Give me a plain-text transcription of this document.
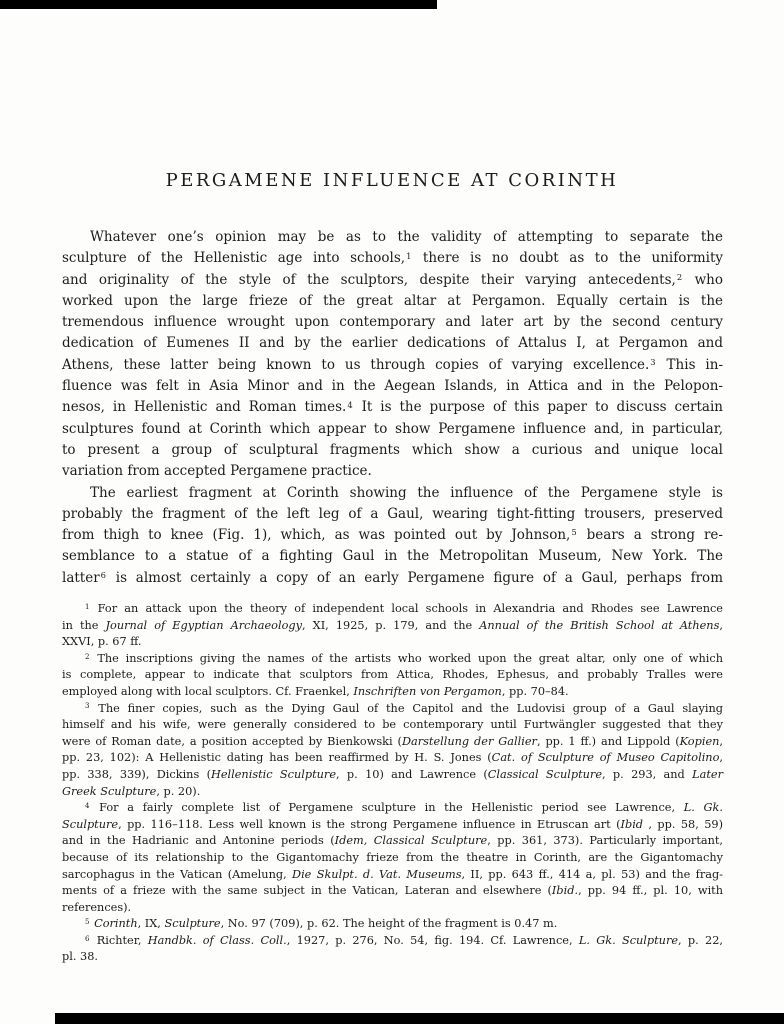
PERGAMENE INFLUENCE AT CORINTH
Whatever one’s opinion may be as to the validity of attempting to separate the
sculpture of the Hellenistic age into schools,$^1$ there is no doubt as to the uniformity
and originality of the style of the sculptors, despite their varying antecedents,$^2$ who
worked upon the large frieze of the great altar at Pergamon. Equally certain is the
tremendous influence wrought upon contemporary and later art by the second century
dedication of Eumenes II and by the earlier dedications of Attalus I, at Pergamon and
Athens, these latter being known to us through copies of varying excellence.$^3$ This in-
fluence was felt in Asia Minor and in the Aegean Islands, in Attica and in the Pelopon-
nesos, in Hellenistic and Roman times.$^4$ It is the purpose of this paper to discuss certain
sculptures found at Corinth which appear to show Pergamene influence and, in particular,
to present a group of sculptural fragments which show a curious and unique local
variation from accepted Pergamene practice.
The earliest fragment at Corinth showing the influence of the Pergamene style is
probably the fragment of the left leg of a Gaul, wearing tight-fitting trousers, preserved
from thigh to knee (Fig. 1), which, as was pointed out by Johnson,$^5$ bears a strong re-
semblance to a statue of a fighting Gaul in the Metropolitan Museum, New York. The
latter$^6$ is almost certainly a copy of an early Pergamene figure of a Gaul, perhaps from
$^1$ For an attack upon the theory of independent local schools in Alexandria and Rhodes see Lawrence
in the Journal of Egyptian Archaeology, XI, 1925, p. 179, and the Annual of the British School at Athens,
XXVI, p. 67 ff.
$^2$ The inscriptions giving the names of the artists who worked upon the great altar, only one of which
is complete, appear to indicate that sculptors from Attica, Rhodes, Ephesus, and probably Tralles were
employed along with local sculptors. Cf. Fraenkel, Inschriften von Pergamon, pp. 70–84.
$^3$ The finer copies, such as the Dying Gaul of the Capitol and the Ludovisi group of a Gaul slaying
himself and his wife, were generally considered to be contemporary until Furtwängler suggested that they
were of Roman date, a position accepted by Bienkowski (Darstellung der Gallier, pp. 1 ff.) and Lippold (Kopien,
pp. 23, 102): A Hellenistic dating has been reaffirmed by H. S. Jones (Cat. of Sculpture of Museo Capitolino,
pp. 338, 339), Dickins (Hellenistic Sculpture, p. 10) and Lawrence (Classical Sculpture, p. 293, and Later
Greek Sculpture, p. 20).
$^4$ For a fairly complete list of Pergamene sculpture in the Hellenistic period see Lawrence, L. Gk.
Sculpture, pp. 116–118. Less well known is the strong Pergamene influence in Etruscan art (Ibid , pp. 58, 59)
and in the Hadrianic and Antonine periods (Idem, Classical Sculpture, pp. 361, 373). Particularly important,
because of its relationship to the Gigantomachy frieze from the theatre in Corinth, are the Gigantomachy
sarcophagus in the Vatican (Amelung, Die Skulpt. d. Vat. Museums, II, pp. 643 ff., 414 a, pl. 53) and the frag-
ments of a frieze with the same subject in the Vatican, Lateran and elsewhere (Ibid., pp. 94 ff., pl. 10, with
references).
$^5$ Corinth, IX, Sculpture, No. 97 (709), p. 62. The height of the fragment is 0.47 m.
$^6$ Richter, Handbk. of Class. Coll., 1927, p. 276, No. 54, fig. 194. Cf. Lawrence, L. Gk. Sculpture, p. 22,
pl. 38.
